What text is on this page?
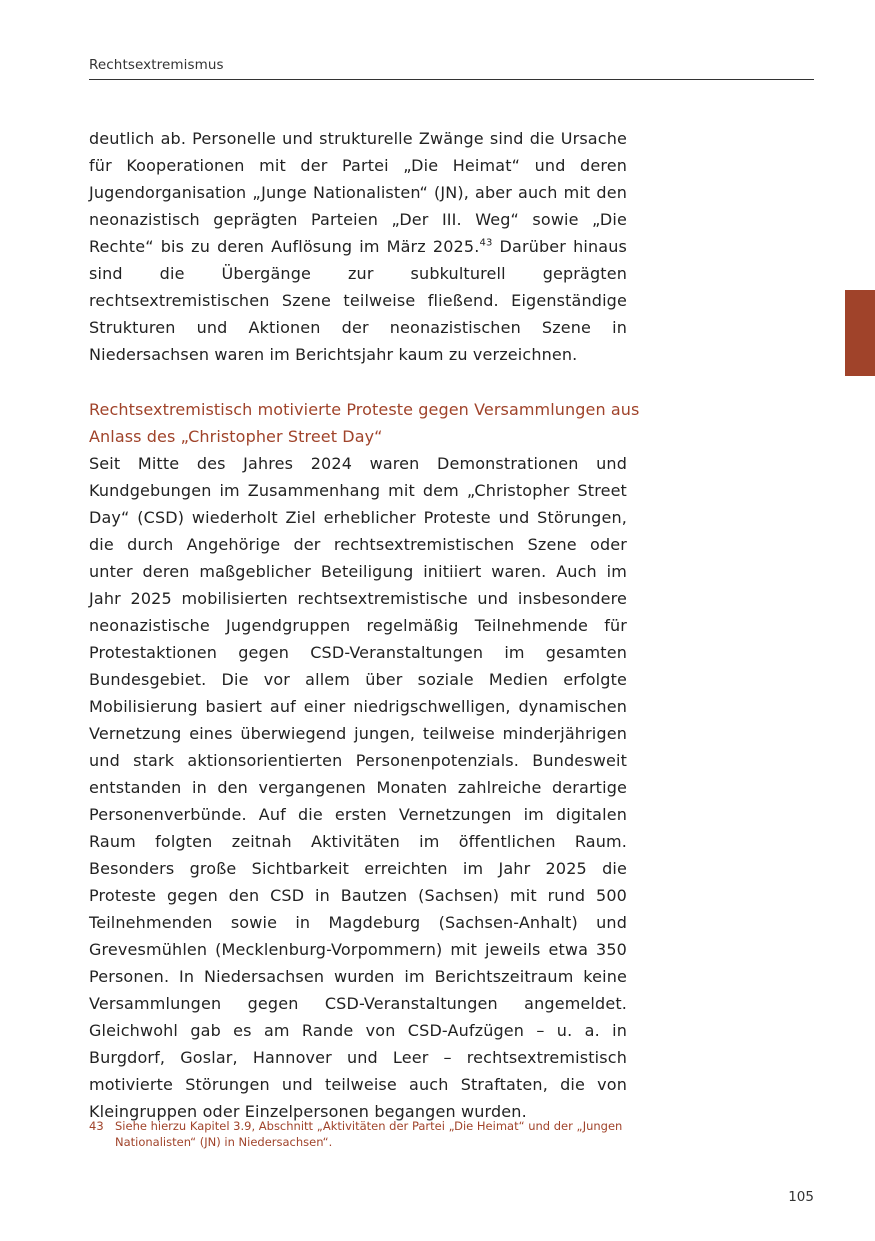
Rechtsextremismus
deutlich ab. Personelle und strukturelle Zwänge sind die Ursache für Kooperationen mit der Partei „Die Heimat“ und deren Jugendorganisation „Junge Nationalisten“ (JN), aber auch mit den neonazistisch geprägten Parteien „Der III. Weg“ sowie „Die Rechte“ bis zu deren Auflösung im März 2025.43 Darüber hinaus sind die Übergänge zur subkulturell geprägten rechtsextremistischen Szene teilweise fließend. Eigenständige Strukturen und Aktionen der neonazistischen Szene in Niedersachsen waren im Berichtsjahr kaum zu verzeichnen.
Rechtsextremistisch motivierte Proteste gegen Versammlungen aus Anlass des „Christopher Street Day“
Seit Mitte des Jahres 2024 waren Demonstrationen und Kundgebungen im Zusammenhang mit dem „Christopher Street Day“ (CSD) wiederholt Ziel erheblicher Proteste und Störungen, die durch Angehörige der rechtsextremistischen Szene oder unter deren maßgeblicher Beteiligung initiiert waren. Auch im Jahr 2025 mobilisierten rechtsextremistische und insbesondere neonazistische Jugendgruppen regelmäßig Teilnehmende für Protestaktionen gegen CSD-Veranstaltungen im gesamten Bundesgebiet. Die vor allem über soziale Medien erfolgte Mobilisierung basiert auf einer niedrigschwelligen, dynamischen Vernetzung eines überwiegend jungen, teilweise minderjährigen und stark aktionsorientierten Personenpotenzials. Bundesweit entstanden in den vergangenen Monaten zahlreiche derartige Personenverbünde. Auf die ersten Vernetzungen im digitalen Raum folgten zeitnah Aktivitäten im öffentlichen Raum. Besonders große Sichtbarkeit erreichten im Jahr 2025 die Proteste gegen den CSD in Bautzen (Sachsen) mit rund 500 Teilnehmenden sowie in Magdeburg (Sachsen-Anhalt) und Grevesmühlen (Mecklenburg-Vorpommern) mit jeweils etwa 350 Personen. In Niedersachsen wurden im Berichtszeitraum keine Versammlungen gegen CSD-Veranstaltungen angemeldet. Gleichwohl gab es am Rande von CSD-Aufzügen – u. a. in Burgdorf, Goslar, Hannover und Leer – rechtsextremistisch motivierte Störungen und teilweise auch Straftaten, die von Kleingruppen oder Einzelpersonen begangen wurden.
43 Siehe hierzu Kapitel 3.9, Abschnitt „Aktivitäten der Partei „Die Heimat“ und der „Jungen Nationalisten“ (JN) in Niedersachsen“.
105
